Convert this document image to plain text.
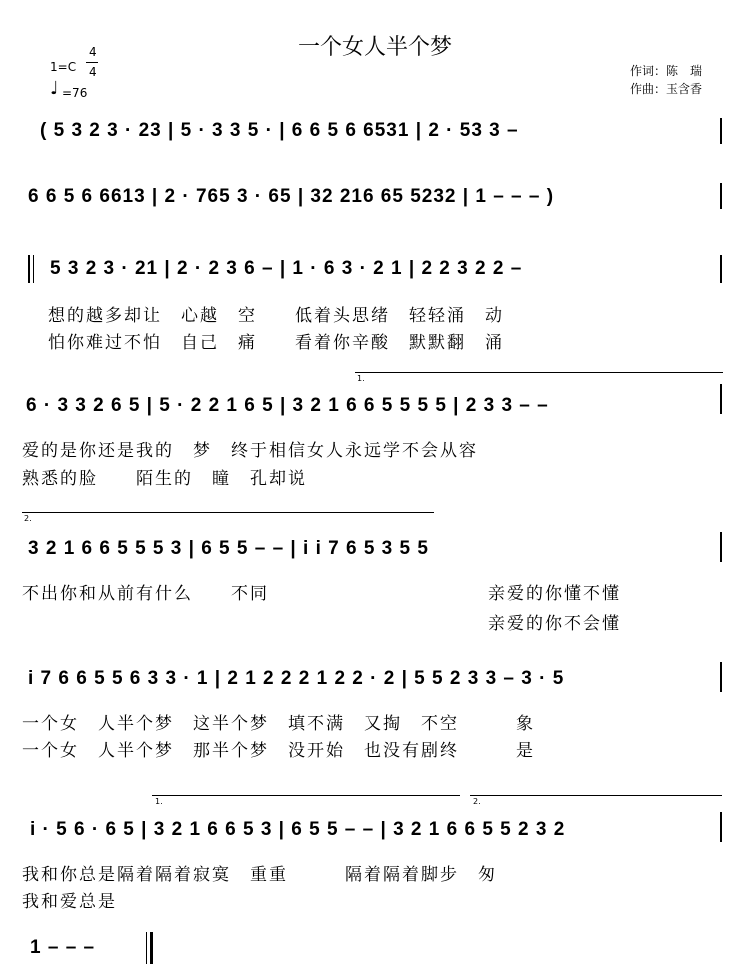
一个女人半个梦
1=C
4
4
♩ =76
作词：陈　瑞
作曲：玉含香
( 5 3 2 3 · 23 | 5 · 3 3 5 · | 6 6 5 6 6531 | 2 · 53 3 –
6 6 5 6 6613 | 2 · 765 3 · 65 | 32 216 65 5232 | 1 – – – )
5 3 2 3 · 21 | 2 · 2 3 6 – | 1 · 6 3 · 2 1 | 2 2 3 2 2 –
想的越多却让　心越　空　　低着头思绪　轻轻涌　动
怕你难过不怕　自己　痛　　看着你辛酸　默默翻　涌
1.
6 · 3 3 2 6 5 | 5 · 2 2 1 6 5 | 3 2 1 6 6 5 5 5 5 | 2 3 3 – –
爱的是你还是我的　梦　终于相信女人永远学不会从容
熟悉的脸　　陌生的　瞳　孔却说
2.
3 2 1 6 6 5 5 5 3 | 6 5 5 – – | i i 7 6 5 3 5 5
不出你和从前有什么　　不同	亲爱的你懂不懂
亲爱的你不会懂
i 7 6 6 5 5 6 3 3 · 1 | 2 1 2 2 2 1 2 2 · 2 | 5 5 2 3 3 – 3 · 5
一个女　人半个梦　这半个梦　填不满　又掏　不空　　　象
一个女　人半个梦　那半个梦　没开始　也没有剧终　　　是
1.	2.
i · 5 6 · 6 5 | 3 2 1 6 6 5 3 | 6 5 5 – – | 3 2 1 6 6 5 5 2 3 2
我和你总是隔着隔着寂寞　重重　　　隔着隔着脚步　匆
我和爱总是
1 – – –
